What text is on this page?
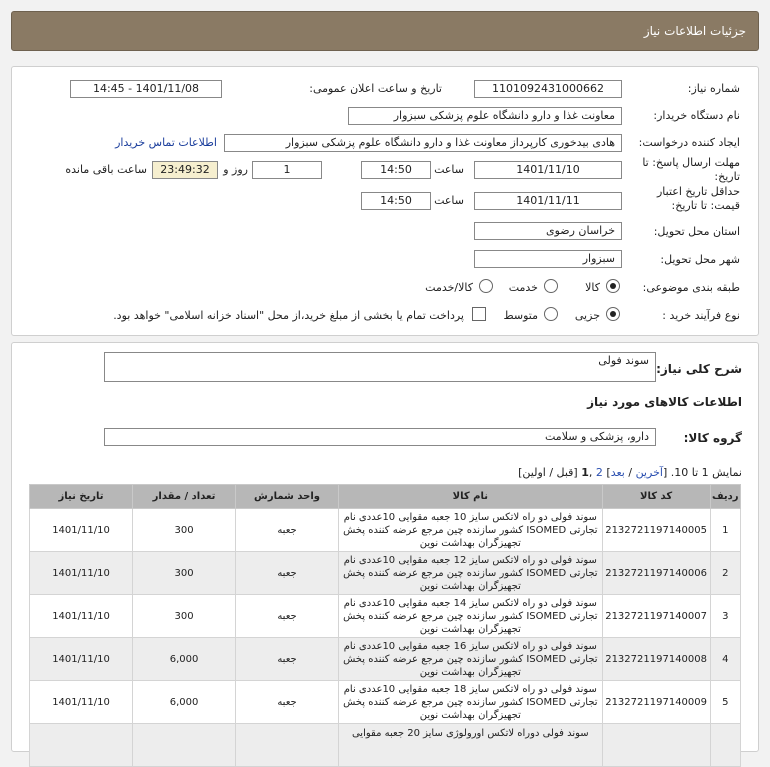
جزئیات اطلاعات نیاز
شماره نیاز:
1101092431000662
تاریخ و ساعت اعلان عمومی:
1401/11/08 - 14:45
نام دستگاه خریدار:
معاونت غذا و دارو دانشگاه علوم پزشکی سبزوار
ایجاد کننده درخواست:
هادی بیدخوری کارپرداز معاونت غذا و دارو دانشگاه علوم پزشکی سبزوار
اطلاعات تماس خریدار
مهلت ارسال پاسخ: تا تاریخ:
1401/11/10
ساعت
14:50
1
روز و
23:49:32
ساعت باقی مانده
حداقل تاریخ اعتبار قیمت: تا تاریخ:
1401/11/11
ساعت
14:50
استان محل تحویل:
خراسان رضوی
شهر محل تحویل:
سبزوار
طبقه بندی موضوعی:
کالا
خدمت
کالا/خدمت
نوع فرآیند خرید :
جزیی
متوسط
پرداخت تمام یا بخشی از مبلغ خرید،از محل "اسناد خزانه اسلامی" خواهد بود.
شرح کلی نیاز:
سوند فولی
اطلاعات کالاهای مورد نیاز
گروه کالا:
دارو، پزشکی و سلامت
نمایش 1 تا 10. [آخرین / بعد] 2 ,1 [قبل / اولین]
ردیف	کد کالا	نام کالا	واحد شمارش	تعداد / مقدار	تاریخ نیاز
1	2132721197140005	سوند فولی دو راه لاتکس سایز 10 جعبه مقوایی 10عددی نام
تجارتی ISOMED کشور سازنده چین مرجع عرضه کننده پخش
تجهیزگران بهداشت نوین	جعبه	300	1401/11/10
2	2132721197140006	سوند فولی دو راه لاتکس سایز 12 جعبه مقوایی 10عددی نام
تجارتی ISOMED کشور سازنده چین مرجع عرضه کننده پخش
تجهیزگران بهداشت نوین	جعبه	300	1401/11/10
3	2132721197140007	سوند فولی دو راه لاتکس سایز 14 جعبه مقوایی 10عددی نام
تجارتی ISOMED کشور سازنده چین مرجع عرضه کننده پخش
تجهیزگران بهداشت نوین	جعبه	300	1401/11/10
4	2132721197140008	سوند فولی دو راه لاتکس سایز 16 جعبه مقوایی 10عددی نام
تجارتی ISOMED کشور سازنده چین مرجع عرضه کننده پخش
تجهیزگران بهداشت نوین	جعبه	6,000	1401/11/10
5	2132721197140009	سوند فولی دو راه لاتکس سایز 18 جعبه مقوایی 10عددی نام
تجارتی ISOMED کشور سازنده چین مرجع عرضه کننده پخش
تجهیزگران بهداشت نوین	جعبه	6,000	1401/11/10

		سوند فولی دوراه لاتکس اورولوژی سایز 20 جعبه مقوایی			
